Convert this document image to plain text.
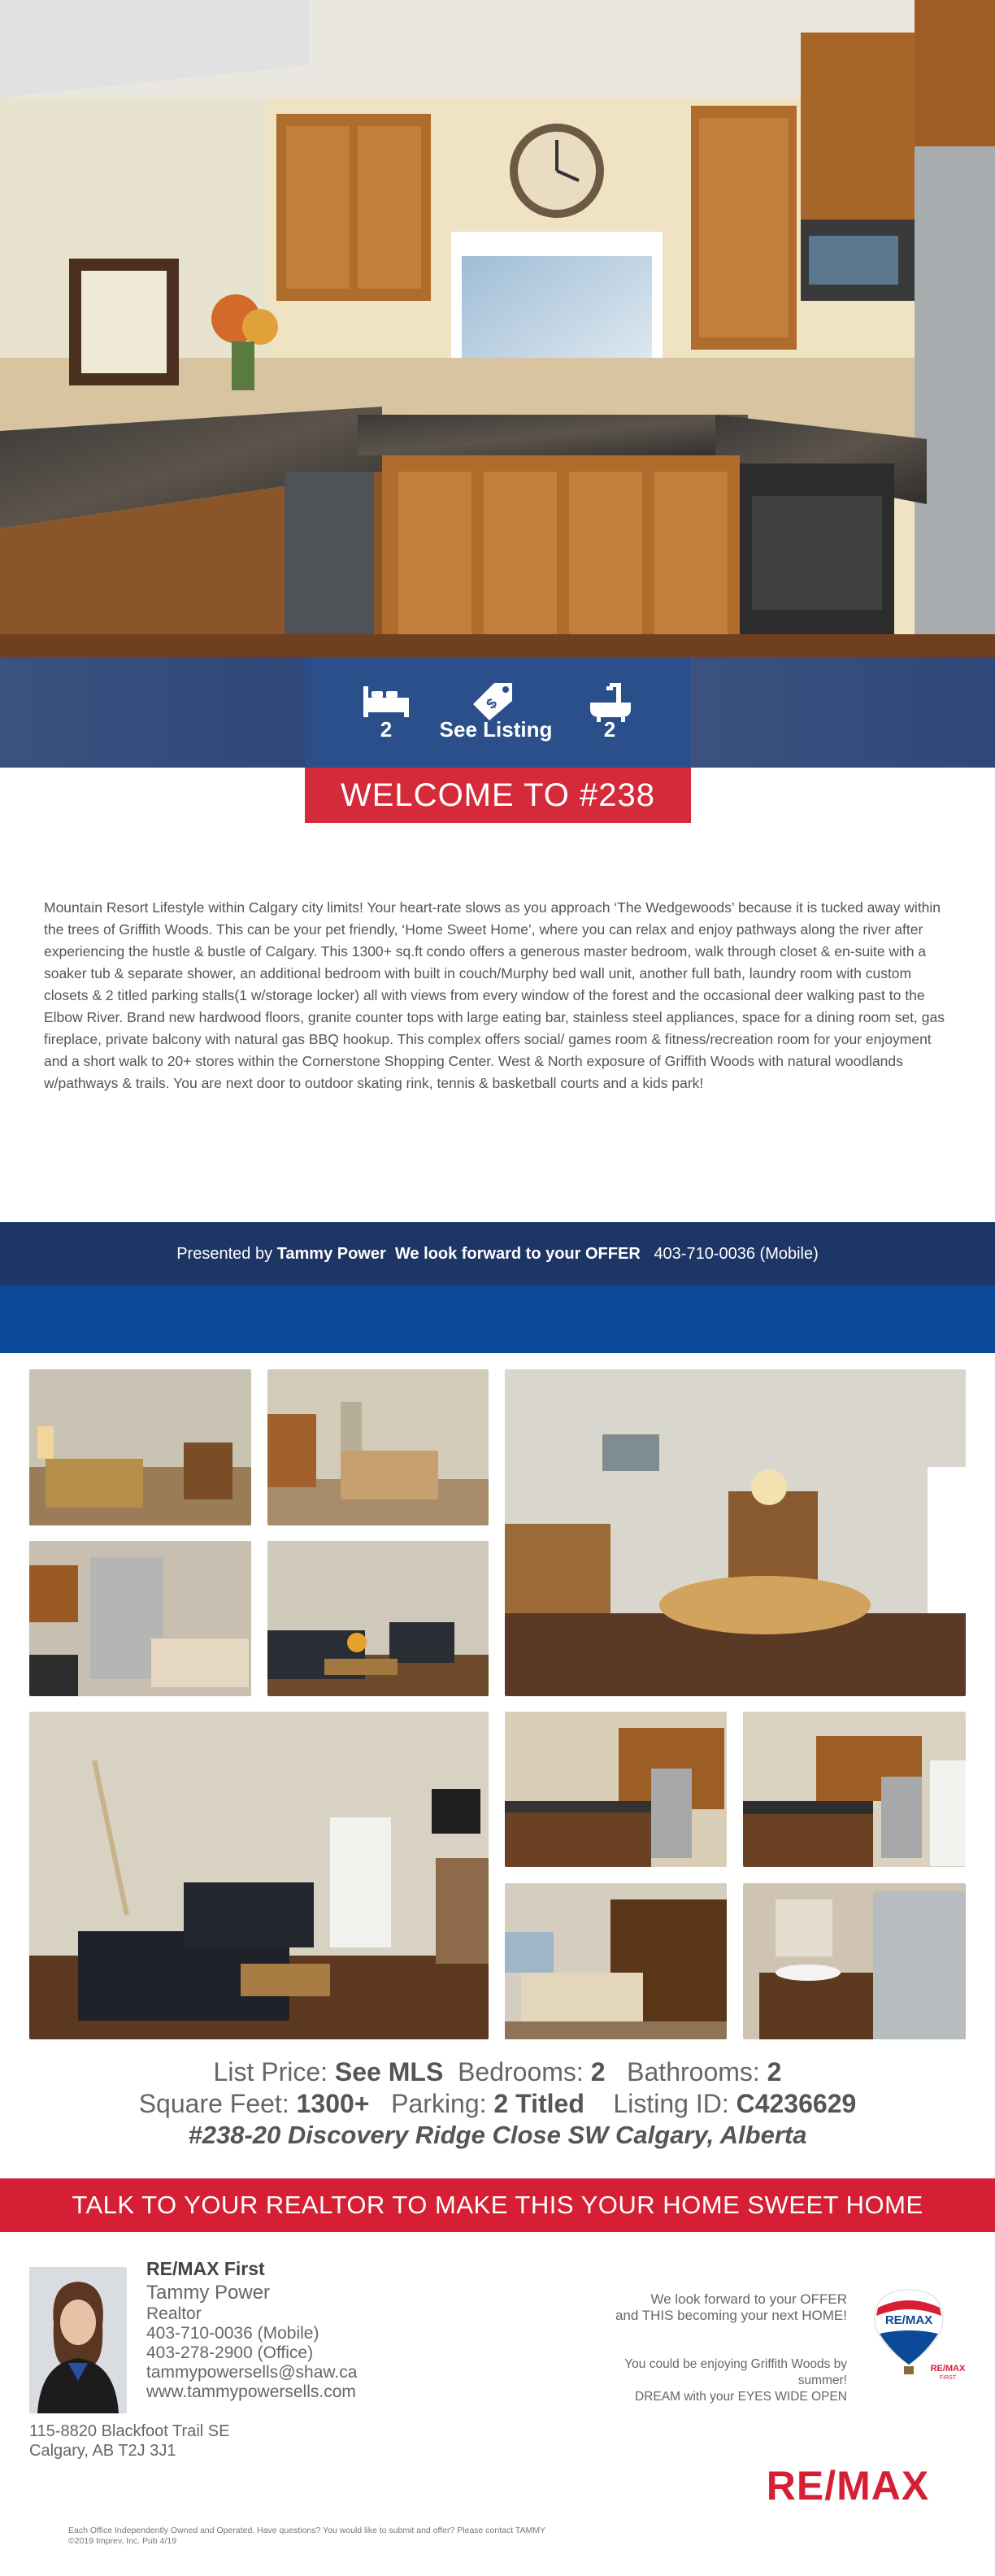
2
$
See Listing	2
WELCOME TO #238
Mountain Resort Lifestyle within Calgary city limits! Your heart-rate slows as you approach ‘The Wedgewoods’ because it is tucked away within the trees of Griffith Woods. This can be your pet friendly, ‘Home Sweet Home’, where you can relax and enjoy pathways along the river after experiencing the hustle & bustle of Calgary. This 1300+ sq.ft condo offers a generous master bedroom, walk through closet & en-suite with a soaker tub & separate shower, an additional bedroom with built in couch/Murphy bed wall unit, another full bath, laundry room with custom closets & 2 titled parking stalls(1 w/storage locker) all with views from every window of the forest and the occasional deer walking past to the Elbow River. Brand new hardwood floors, granite counter tops with large eating bar, stainless steel appliances, space for a dining room set, gas fireplace, private balcony with natural gas BBQ hookup. This complex offers social/ games room & fitness/recreation room for your enjoyment and a short walk to 20+ stores within the Cornerstone Shopping Center. West & North exposure of Griffith Woods with natural woodlands w/pathways & trails. You are next door to outdoor skating rink, tennis & basketball courts and a kids park!
Presented by Tammy Power We look forward to your OFFER 403-710-0036 (Mobile)
List Price: See MLS Bedrooms: 2 Bathrooms: 2
Square Feet: 1300+ Parking: 2 Titled Listing ID: C4236629
#238-20 Discovery Ridge Close SW Calgary, Alberta
TALK TO YOUR REALTOR TO MAKE THIS YOUR HOME SWEET HOME
RE/MAX First
Tammy Power
Realtor
403-710-0036 (Mobile)
403-278-2900 (Office)
tammypowersells@shaw.ca
www.tammypowersells.com
115-8820 Blackfoot Trail SE
Calgary, AB T2J 3J1
We look forward to your OFFER
and THIS becoming your next HOME!
You could be enjoying Griffith Woods by
summer!
DREAM with your EYES WIDE OPEN
RE/MAX
RE/MAX
FIRST
RE/MAX
Each Office Independently Owned and Operated. Have questions? You would like to submit and offer? Please contact TAMMY
©2019 Imprev, Inc. Pub 4/19
